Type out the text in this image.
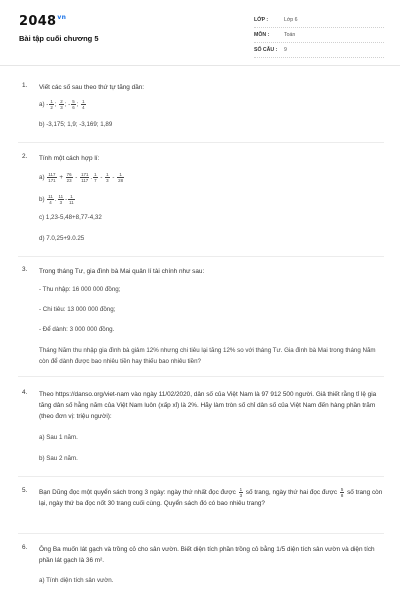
$2048^{vn}$
Bài tập cuối chương 5
LỚP :	Lớp 6
MÔN :	Toán
SỐ CÂU : 9
1. Viết các số sau theo thứ tự tăng dần:
$a) - \frac{1}{2}$ ; $\frac{2}{3}$ ; - $\frac{5}{6}$ ; $\frac{1}{4}$
b) -3,175; 1,9; -3,169; 1,89
2. Tính một cách hợp lí:
$a) \frac{117}{171} + \frac{76}{23} - \frac{171}{117}$ . $\frac{1}{7} - \frac{1}{3} - \frac{1}{28}$
$b) \frac{11}{4}$ . $\frac{11}{3} - \frac{1}{11}$
c) 1,23-5,48+8,77-4,32
d) 7.0,25+9.0.25
3. Trong tháng Tư, gia đình bà Mai quản lí tài chính như sau:
- Thu nhập: 16 000 000 đồng;
- Chi tiêu: 13 000 000 đồng;
- Để dành: 3 000 000 đồng.
Tháng Năm thu nhập gia đình bà giảm 12% nhưng chi tiêu lại tăng 12% so với tháng Tư. Gia đình bà Mai trong tháng Năm còn để dành được bao nhiêu tiền hay thiếu bao nhiêu tiền?
4. Theo https://danso.org/viet-nam vào ngày 11/02/2020, dân số của Việt Nam là 97 912 500 người. Giả thiết rằng tỉ lệ gia tăng dân số hằng năm của Việt Nam luôn (xấp xỉ) là 2%. Hãy làm tròn số chỉ dân số của Việt Nam đến hàng phần trăm (theo đơn vị: triệu người):
a) Sau 1 năm.
b) Sau 2 năm.
5. Bạn Dũng đọc một quyển sách trong 3 ngày: ngày thứ nhất đọc được $\frac{1}{3}$ số trang, ngày thứ hai đọc được $\frac{5}{8}$ số trang còn lại, ngày thứ ba đọc nốt 30 trang cuối cùng. Quyển sách đó có bao nhiêu trang?
6. Ông Ba muốn lát gạch và trồng cỏ cho sân vườn. Biết diện tích phần trồng cỏ bằng 1/5 diện tích sân vườn và diện tích phần lát gạch là 36 m².
a) Tính diện tích sân vườn.
